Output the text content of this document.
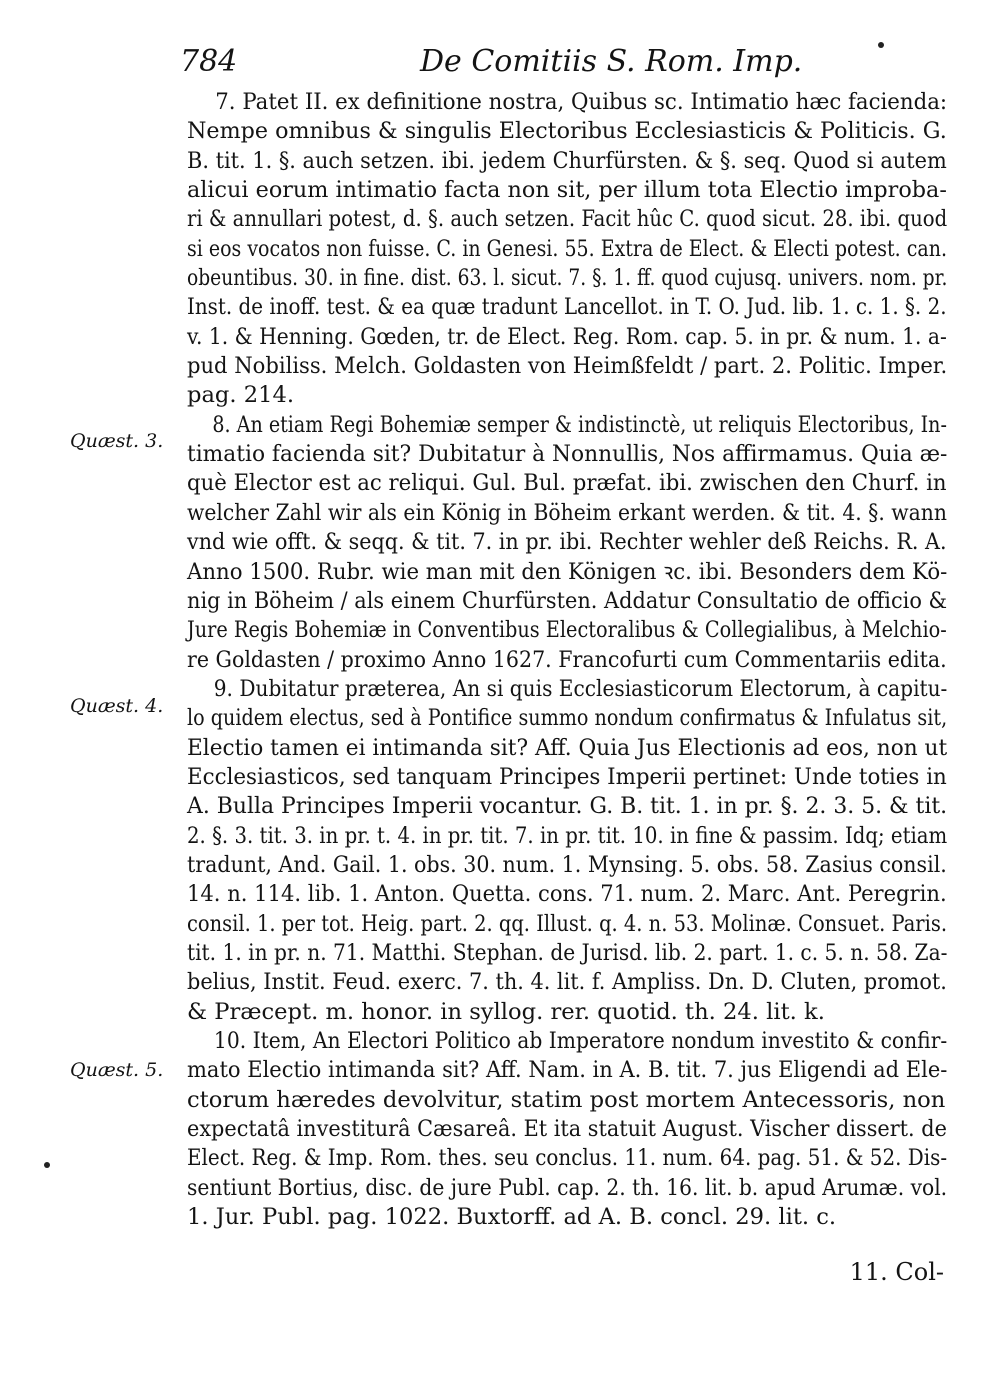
784	De Comitiis S. Rom. Imp.
Quæst. 3.
Quæst. 4.
Quæst. 5.
7. Patet II. ex definitione nostra, Quibus sc. Intimatio hæc facienda:
Nempe omnibus & singulis Electoribus Ecclesiasticis & Politicis. G.
B. tit. 1. §. auch setzen. ibi. jedem Churfürsten. & §. seq. Quod si autem
alicui eorum intimatio facta non sit, per illum tota Electio improba-
ri & annullari potest, d. §. auch setzen. Facit hûc C. quod sicut. 28. ibi. quod
si eos vocatos non fuisse. C. in Genesi. 55. Extra de Elect. & Electi potest. can.
obeuntibus. 30. in fine. dist. 63. l. sicut. 7. §. 1. ff. quod cujusq. univers. nom. pr.
Inst. de inoff. test. & ea quæ tradunt Lancellot. in T. O. Jud. lib. 1. c. 1. §. 2.
v. 1. & Henning. Gœden, tr. de Elect. Reg. Rom. cap. 5. in pr. & num. 1. a-
pud Nobiliss. Melch. Goldasten von Heimßfeldt / part. 2. Politic. Imper.
pag. 214.
8. An etiam Regi Bohemiæ semper & indistinctè, ut reliquis Electoribus, In-
timatio facienda sit? Dubitatur à Nonnullis, Nos affirmamus. Quia æ-
què Elector est ac reliqui. Gul. Bul. præfat. ibi. zwischen den Churf. in
welcher Zahl wir als ein König in Böheim erkant werden. & tit. 4. §. wann
vnd wie offt. & seqq. & tit. 7. in pr. ibi. Rechter wehler deß Reichs. R. A.
Anno 1500. Rubr. wie man mit den Königen ꝛc. ibi. Besonders dem Kö-
nig in Böheim / als einem Churfürsten. Addatur Consultatio de officio &
Jure Regis Bohemiæ in Conventibus Electoralibus & Collegialibus, à Melchio-
re Goldasten / proximo Anno 1627. Francofurti cum Commentariis edita.
9. Dubitatur præterea, An si quis Ecclesiasticorum Electorum, à capitu-
lo quidem electus, sed à Pontifice summo nondum confirmatus & Infulatus sit,
Electio tamen ei intimanda sit? Aff. Quia Jus Electionis ad eos, non ut
Ecclesiasticos, sed tanquam Principes Imperii pertinet: Unde toties in
A. Bulla Principes Imperii vocantur. G. B. tit. 1. in pr. §. 2. 3. 5. & tit.
2. §. 3. tit. 3. in pr. t. 4. in pr. tit. 7. in pr. tit. 10. in fine & passim. Idq; etiam
tradunt, And. Gail. 1. obs. 30. num. 1. Mynsing. 5. obs. 58. Zasius consil.
14. n. 114. lib. 1. Anton. Quetta. cons. 71. num. 2. Marc. Ant. Peregrin.
consil. 1. per tot. Heig. part. 2. qq. Illust. q. 4. n. 53. Molinæ. Consuet. Paris.
tit. 1. in pr. n. 71. Matthi. Stephan. de Jurisd. lib. 2. part. 1. c. 5. n. 58. Za-
belius, Instit. Feud. exerc. 7. th. 4. lit. f. Ampliss. Dn. D. Cluten, promot.
& Præcept. m. honor. in syllog. rer. quotid. th. 24. lit. k.
10. Item, An Electori Politico ab Imperatore nondum investito & confir-
mato Electio intimanda sit? Aff. Nam. in A. B. tit. 7. jus Eligendi ad Ele-
ctorum hæredes devolvitur, statim post mortem Antecessoris, non
expectatâ investiturâ Cæsareâ. Et ita statuit August. Vischer dissert. de
Elect. Reg. & Imp. Rom. thes. seu conclus. 11. num. 64. pag. 51. & 52. Dis-
sentiunt Bortius, disc. de jure Publ. cap. 2. th. 16. lit. b. apud Arumæ. vol.
1. Jur. Publ. pag. 1022. Buxtorff. ad A. B. concl. 29. lit. c.
11. Col-
